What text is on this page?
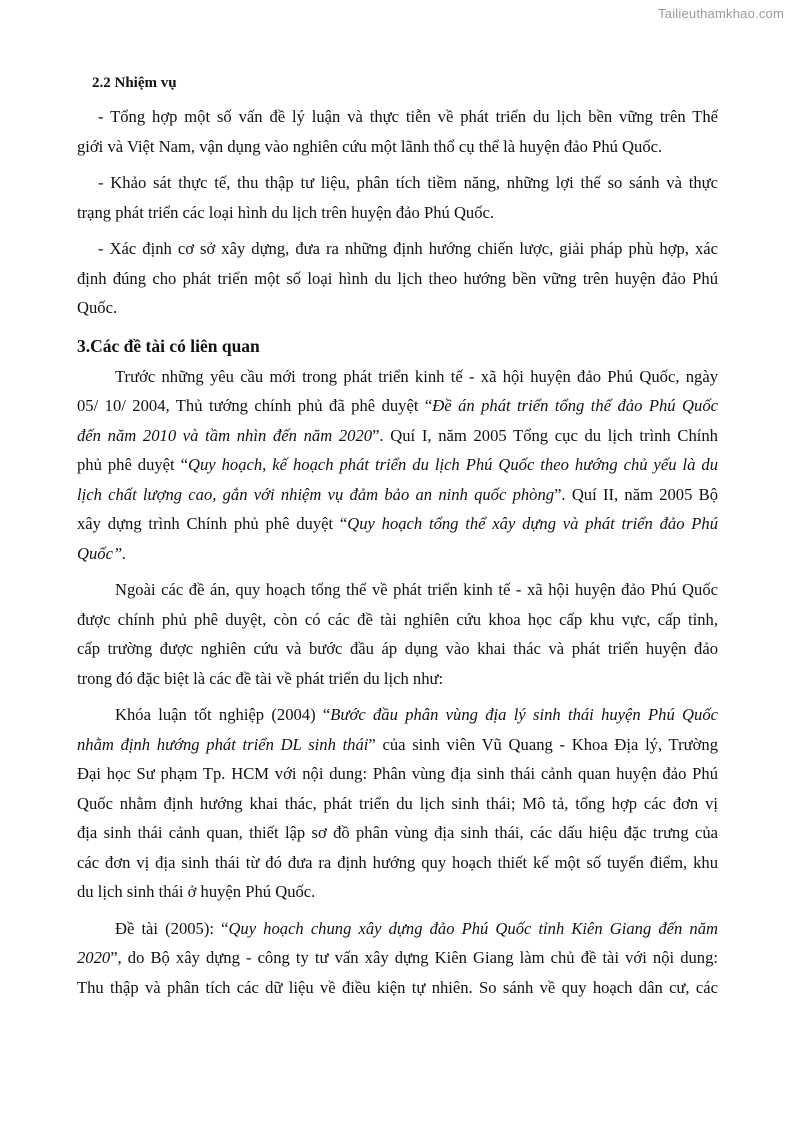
Tailieuthamkhao.com
2.2 Nhiệm vụ
- Tổng hợp một số vấn đề lý luận và thực tiễn về phát triển du lịch bền vững trên Thế
giới và Việt Nam, vận dụng vào nghiên cứu một lãnh thổ cụ thể là huyện đảo Phú Quốc.
- Khảo sát thực tế, thu thập tư liệu, phân tích tiềm năng, những lợi thế so sánh và thực
trạng phát triển các loại hình du lịch trên huyện đảo Phú Quốc.
- Xác định cơ sở xây dựng, đưa ra những định hướng chiến lược, giải pháp phù hợp, xác
định đúng cho phát triển một số loại hình du lịch theo hướng bền vững trên huyện đảo Phú
Quốc.
3.Các đề tài có liên quan
Trước những yêu cầu mới trong phát triển kinh tế - xã hội huyện đảo Phú Quốc, ngày
05/ 10/ 2004, Thủ tướng chính phủ đã phê duyệt “Đề án phát triển tổng thể đảo Phú Quốc
đến năm 2010 và tầm nhìn đến năm 2020”. Quí I, năm 2005 Tổng cục du lịch trình Chính
phủ phê duyệt “Quy hoạch, kế hoạch phát triển du lịch Phú Quốc theo hướng chủ yếu là du
lịch chất lượng cao, gắn với nhiệm vụ đảm bảo an ninh quốc phòng”. Quí II, năm 2005 Bộ
xây dựng trình Chính phủ phê duyệt “Quy hoạch tổng thể xây dựng và phát triển đảo Phú
Quốc”.
Ngoài các đề án, quy hoạch tổng thể về phát triển kinh tế - xã hội huyện đảo Phú Quốc
được chính phủ phê duyệt, còn có các đề tài nghiên cứu khoa học cấp khu vực, cấp tỉnh,
cấp trường được nghiên cứu và bước đầu áp dụng vào khai thác và phát triển huyện đảo
trong đó đặc biệt là các đề tài về phát triển du lịch như:
Khóa luận tốt nghiệp (2004) “Bước đầu phân vùng địa lý sinh thái huyện Phú Quốc
nhằm định hướng phát triển DL sinh thái” của sinh viên Vũ Quang - Khoa Địa lý, Trường
Đại học Sư phạm Tp. HCM với nội dung: Phân vùng địa sinh thái cảnh quan huyện đảo Phú
Quốc nhằm định hướng khai thác, phát triển du lịch sinh thái; Mô tả, tổng hợp các đơn vị
địa sinh thái cảnh quan, thiết lập sơ đồ phân vùng địa sinh thái, các dấu hiệu đặc trưng của
các đơn vị địa sinh thái từ đó đưa ra định hướng quy hoạch thiết kế một số tuyến điểm, khu
du lịch sinh thái ở huyện Phú Quốc.
Đề tài (2005): “Quy hoạch chung xây dựng đảo Phú Quốc tỉnh Kiên Giang đến năm
2020”, do Bộ xây dựng - công ty tư vấn xây dựng Kiên Giang làm chủ đề tài với nội dung:
Thu thập và phân tích các dữ liệu về điều kiện tự nhiên. So sánh về quy hoạch dân cư, các
